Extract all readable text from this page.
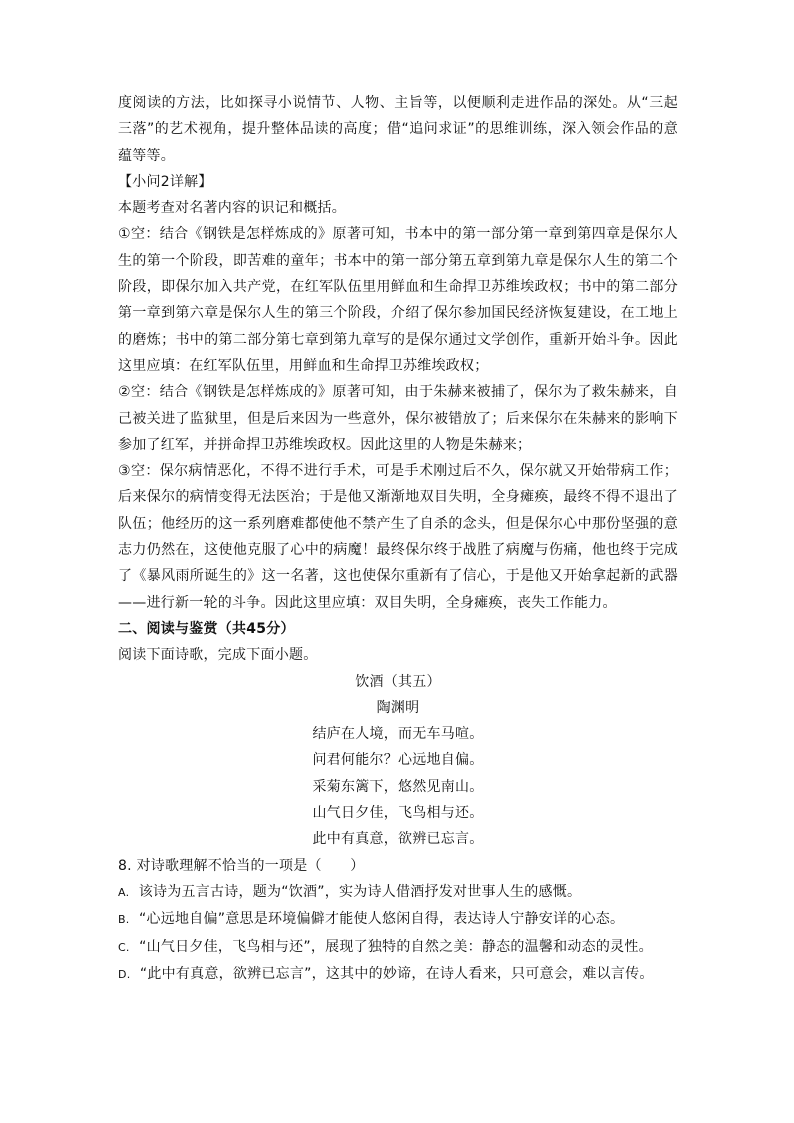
度阅读的方法，比如探寻小说情节、人物、主旨等，以便顺利走进作品的深处。从“三起三落”的艺术视角，提升整体品读的高度；借“追问求证”的思维训练，深入领会作品的意蕴等等。

【小问2详解】

本题考查对名著内容的识记和概括。

①空：结合《钢铁是怎样炼成的》原著可知，书本中的第一部分第一章到第四章是保尔人生的第一个阶段，即苦难的童年；书本中的第一部分第五章到第九章是保尔人生的第二个阶段，即保尔加入共产党，在红军队伍里用鲜血和生命捍卫苏维埃政权；书中的第二部分第一章到第六章是保尔人生的第三个阶段，介绍了保尔参加国民经济恢复建设，在工地上的磨炼；书中的第二部分第七章到第九章写的是保尔通过文学创作，重新开始斗争。因此这里应填：在红军队伍里，用鲜血和生命捍卫苏维埃政权；

②空：结合《钢铁是怎样炼成的》原著可知，由于朱赫来被捕了，保尔为了救朱赫来，自己被关进了监狱里，但是后来因为一些意外，保尔被错放了；后来保尔在朱赫来的影响下参加了红军，并拼命捍卫苏维埃政权。因此这里的人物是朱赫来；

③空：保尔病情恶化，不得不进行手术，可是手术刚过后不久，保尔就又开始带病工作；后来保尔的病情变得无法医治；于是他又渐渐地双目失明，全身瘫痪，最终不得不退出了队伍；他经历的这一系列磨难都使他不禁产生了自杀的念头，但是保尔心中那份坚强的意志力仍然在，这使他克服了心中的病魔！最终保尔终于战胜了病魔与伤痛，他也终于完成了《暴风雨所诞生的》这一名著，这也使保尔重新有了信心，于是他又开始拿起新的武器——进行新一轮的斗争。因此这里应填：双目失明，全身瘫痪，丧失工作能力。

二、阅读与鉴赏（共45分）

阅读下面诗歌，完成下面小题。

饮酒（其五）

陶渊明

结庐在人境，而无车马喧。

问君何能尔？心远地自偏。

采菊东篱下，悠然见南山。

山气日夕佳，飞鸟相与还。

此中有真意，欲辨已忘言。

8. 对诗歌理解不恰当的一项是（　　）

A. 该诗为五言古诗，题为“饮酒”，实为诗人借酒抒发对世事人生的感慨。

B. “心远地自偏”意思是环境偏僻才能使人悠闲自得，表达诗人宁静安详的心态。

C. “山气日夕佳，飞鸟相与还”，展现了独特的自然之美：静态的温馨和动态的灵性。

D. “此中有真意，欲辨已忘言”，这其中的妙谛，在诗人看来，只可意会，难以言传。
